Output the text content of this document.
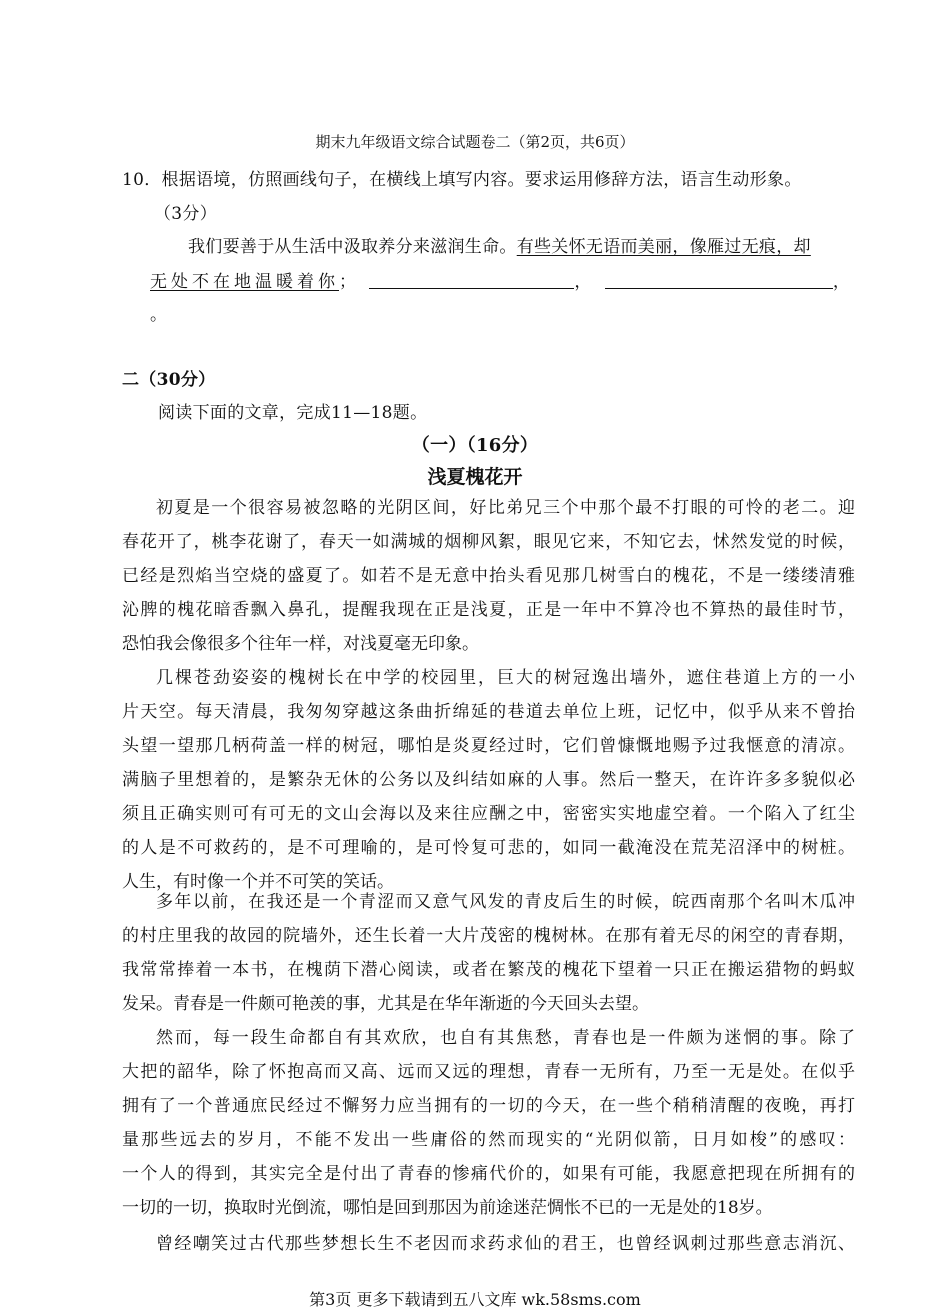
期末九年级语文综合试题卷二（第2页，共6页）
10．根据语境，仿照画线句子，在横线上填写内容。要求运用修辞方法，语言生动形象。
（3分）
我们要善于从生活中汲取养分来滋润生命。有些关怀无语而美丽，像雁过无痕，却
无处不在地温暖着你；	，	，
。
二（30分）
阅读下面的文章，完成11—18题。
（一）（16分）
浅夏槐花开
初夏是一个很容易被忽略的光阴区间，好比弟兄三个中那个最不打眼的可怜的老二。迎
春花开了，桃李花谢了，春天一如满城的烟柳风絮，眼见它来，不知它去，怵然发觉的时候，
已经是烈焰当空烧的盛夏了。如若不是无意中抬头看见那几树雪白的槐花，不是一缕缕清雅
沁脾的槐花暗香飘入鼻孔，提醒我现在正是浅夏，正是一年中不算冷也不算热的最佳时节，
恐怕我会像很多个往年一样，对浅夏毫无印象。
几棵苍劲姿姿的槐树长在中学的校园里，巨大的树冠逸出墙外，遮住巷道上方的一小
片天空。每天清晨，我匆匆穿越这条曲折绵延的巷道去单位上班，记忆中，似乎从来不曾抬
头望一望那几柄荷盖一样的树冠，哪怕是炎夏经过时，它们曾慷慨地赐予过我惬意的清凉。
满脑子里想着的，是繁杂无休的公务以及纠结如麻的人事。然后一整天，在许许多多貌似必
须且正确实则可有可无的文山会海以及来往应酬之中，密密实实地虚空着。一个陷入了红尘
的人是不可救药的，是不可理喻的，是可怜复可悲的，如同一截淹没在荒芜沼泽中的树桩。
人生，有时像一个并不可笑的笑话。
多年以前，在我还是一个青涩而又意气风发的青皮后生的时候，皖西南那个名叫木瓜冲
的村庄里我的故园的院墙外，还生长着一大片茂密的槐树林。在那有着无尽的闲空的青春期，
我常常捧着一本书，在槐荫下潜心阅读，或者在繁茂的槐花下望着一只正在搬运猎物的蚂蚁
发呆。青春是一件颇可艳羡的事，尤其是在华年渐逝的今天回头去望。
然而，每一段生命都自有其欢欣，也自有其焦愁，青春也是一件颇为迷惘的事。除了
大把的韶华，除了怀抱高而又高、远而又远的理想，青春一无所有，乃至一无是处。在似乎
拥有了一个普通庶民经过不懈努力应当拥有的一切的今天，在一些个稍稍清醒的夜晚，再打
量那些远去的岁月，不能不发出一些庸俗的然而现实的“光阴似箭，日月如梭”的感叹：
一个人的得到，其实完全是付出了青春的惨痛代价的，如果有可能，我愿意把现在所拥有的
一切的一切，换取时光倒流，哪怕是回到那因为前途迷茫惆怅不已的一无是处的18岁。
曾经嘲笑过古代那些梦想长生不老因而求药求仙的君王，也曾经讽刺过那些意志消沉、
第3页 更多下载请到五八文库 wk.58sms.com
